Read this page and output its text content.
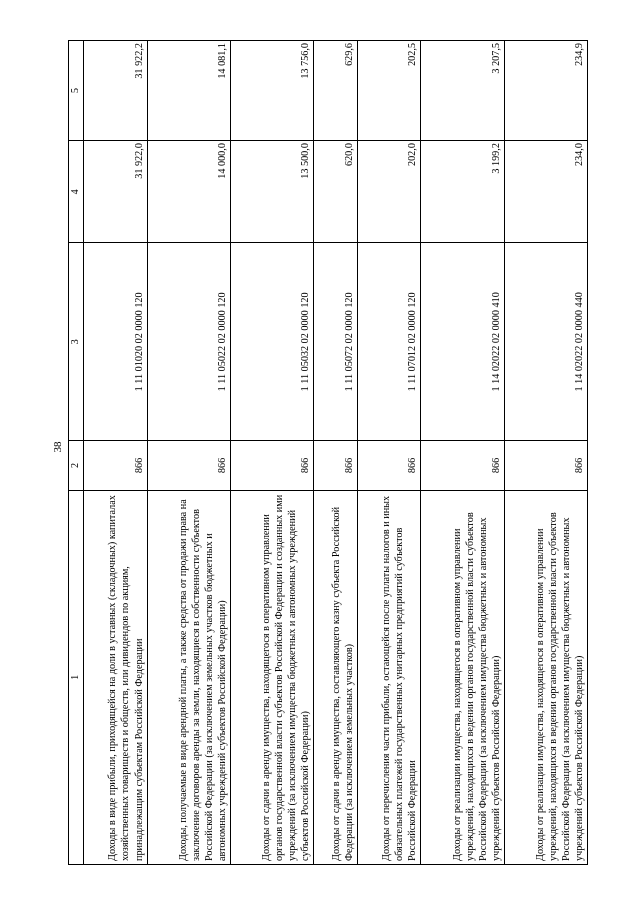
38
1	2	3	4	5
Доходы в виде прибыли, приходящейся на доли в уставных (складочных) капиталах хозяйственных товариществ и обществ, или дивидендов по акциям, принадлежащим субъектам Российской Федерации	866	1 11 01020 02 0000 120	31 922,0	31 922,2
Доходы, получаемые в виде арендной платы, а также средства от продажи права на заключение договоров аренды за земли, находящиеся в собственности субъектов Российской Федерации (за исключением земельных участков бюджетных и автономных учреждений субъектов Российской Федерации)	866	1 11 05022 02 0000 120	14 000,0	14 081,1
Доходы от сдачи в аренду имущества, находящегося в оперативном управлении органов государственной власти субъектов Российской Федерации и созданных ими учреждений (за исключением имущества бюджетных и автономных учреждений субъектов Российской Федерации)	866	1 11 05032 02 0000 120	13 500,0	13 756,0
Доходы от сдачи в аренду имущества, составляющего казну субъекта Российской Федерации (за исключением земельных участков)	866	1 11 05072 02 0000 120	620,0	629,6
Доходы от перечисления части прибыли, остающейся после уплаты налогов и иных обязательных платежей государственных унитарных предприятий субъектов Российской Федерации	866	1 11 07012 02 0000 120	202,0	202,5
Доходы от реализации имущества, находящегося в оперативном управлении учреждений, находящихся в ведении органов государственной власти субъектов Российской Федерации (за исключением имущества бюджетных и автономных учреждений субъектов Российской Федерации)	866	1 14 02022 02 0000 410	3 199,2	3 207,5
Доходы от реализации имущества, находящегося в оперативном управлении учреждений, находящихся в ведении органов государственной власти субъектов Российской Федерации (за исключением имущества бюджетных и автономных учреждений субъектов Российской Федерации)	866	1 14 02022 02 0000 440	234,0	234,9
